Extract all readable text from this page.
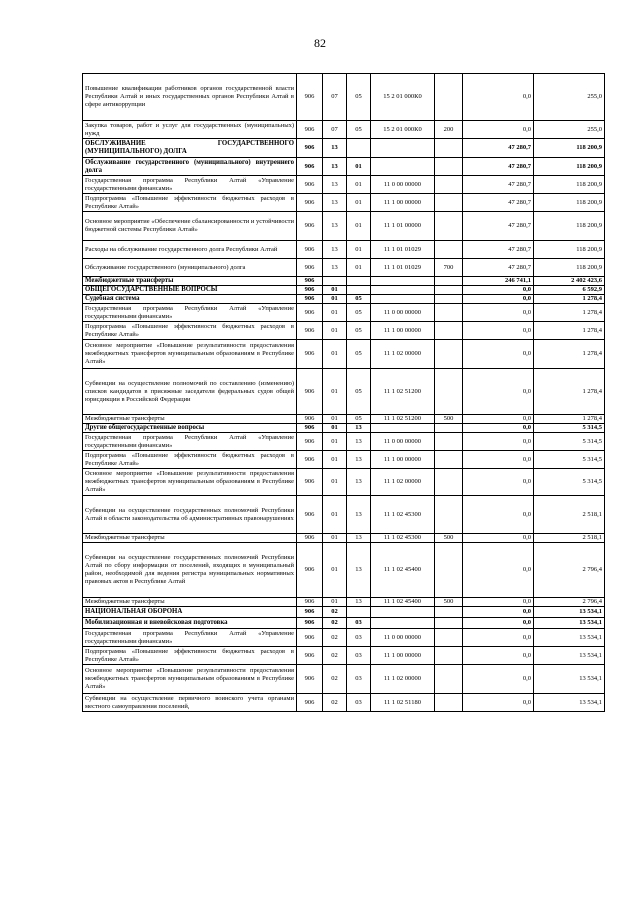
82
Повышение квалификации работников органов государственной власти Республики Алтай и иных государственных органов Республики Алтай в сфере антикоррупции	906	07	05	15 2 01 000К0		0,0	255,0
Закупка товаров, работ и услуг для государственных (муниципальных) нужд	906	07	05	15 2 01 000К0	200	0,0	255,0
ОБСЛУЖИВАНИЕ ГОСУДАРСТВЕННОГО (МУНИЦИПАЛЬНОГО) ДОЛГА	906	13				47 280,7	118 200,9
Обслуживание государственного (муниципального) внутреннего долга	906	13	01			47 280,7	118 200,9
Государственная программа Республики Алтай «Управление государственными финансами»	906	13	01	11 0 00 00000		47 280,7	118 200,9
Подпрограмма «Повышение эффективности бюджетных расходов в Республике Алтай»	906	13	01	11 1 00 00000		47 280,7	118 200,9
Основное мероприятие «Обеспечение сбалансированности и устойчивости бюджетной системы Республики Алтай»	906	13	01	11 1 01 00000		47 280,7	118 200,9
Расходы на обслуживание государственного долга Республики Алтай	906	13	01	11 1 01 01029		47 280,7	118 200,9
Обслуживание государственного (муниципального) долга	906	13	01	11 1 01 01029	700	47 280,7	118 200,9
Межбюджетные трансферты	906					246 741,1	2 402 423,6
ОБЩЕГОСУДАРСТВЕННЫЕ ВОПРОСЫ	906	01				0,0	6 592,9
Судебная система	906	01	05			0,0	1 278,4
Государственная программа Республики Алтай «Управление государственными финансами»	906	01	05	11 0 00 00000		0,0	1 278,4
Подпрограмма «Повышение эффективности бюджетных расходов в Республике Алтай»	906	01	05	11 1 00 00000		0,0	1 278,4
Основное мероприятие «Повышение результативности предоставления межбюджетных трансфертов муниципальным образованиям в Республике Алтай»	906	01	05	11 1 02 00000		0,0	1 278,4
Субвенции на осуществление полномочий по составлению (изменению) списков кандидатов в присяжные заседатели федеральных судов общей юрисдикции в Российской Федерации	906	01	05	11 1 02 51200		0,0	1 278,4
Межбюджетные трансферты	906	01	05	11 1 02 51200	500	0,0	1 278,4
Другие общегосударственные вопросы	906	01	13			0,0	5 314,5
Государственная программа Республики Алтай «Управление государственными финансами»	906	01	13	11 0 00 00000		0,0	5 314,5
Подпрограмма «Повышение эффективности бюджетных расходов в Республике Алтай»	906	01	13	11 1 00 00000		0,0	5 314,5
Основное мероприятие «Повышение результативности предоставления межбюджетных трансфертов муниципальным образованиям в Республике Алтай»	906	01	13	11 1 02 00000		0,0	5 314,5
Субвенции на осуществление государственных полномочий Республики Алтай в области законодательства об административных правонарушениях	906	01	13	11 1 02 45300		0,0	2 518,1
Межбюджетные трансферты	906	01	13	11 1 02 45300	500	0,0	2 518,1
Субвенции на осуществление государственных полномочий Республики Алтай по сбору информации от поселений, входящих в муниципальный район, необходимой для ведения регистра муниципальных нормативных правовых актов в Республике Алтай	906	01	13	11 1 02 45400		0,0	2 796,4
Межбюджетные трансферты	906	01	13	11 1 02 45400	500	0,0	2 796,4
НАЦИОНАЛЬНАЯ ОБОРОНА	906	02				0,0	13 534,1
Мобилизационная и вневойсковая подготовка	906	02	03			0,0	13 534,1
Государственная программа Республики Алтай «Управление государственными финансами»	906	02	03	11 0 00 00000		0,0	13 534,1
Подпрограмма «Повышение эффективности бюджетных расходов в Республике Алтай»	906	02	03	11 1 00 00000		0,0	13 534,1
Основное мероприятие «Повышение результативности предоставления межбюджетных трансфертов муниципальным образованиям в Республике Алтай»	906	02	03	11 1 02 00000		0,0	13 534,1
Субвенции на осуществление первичного воинского учета органами местного самоуправления поселений,	906	02	03	11 1 02 51180		0,0	13 534,1
